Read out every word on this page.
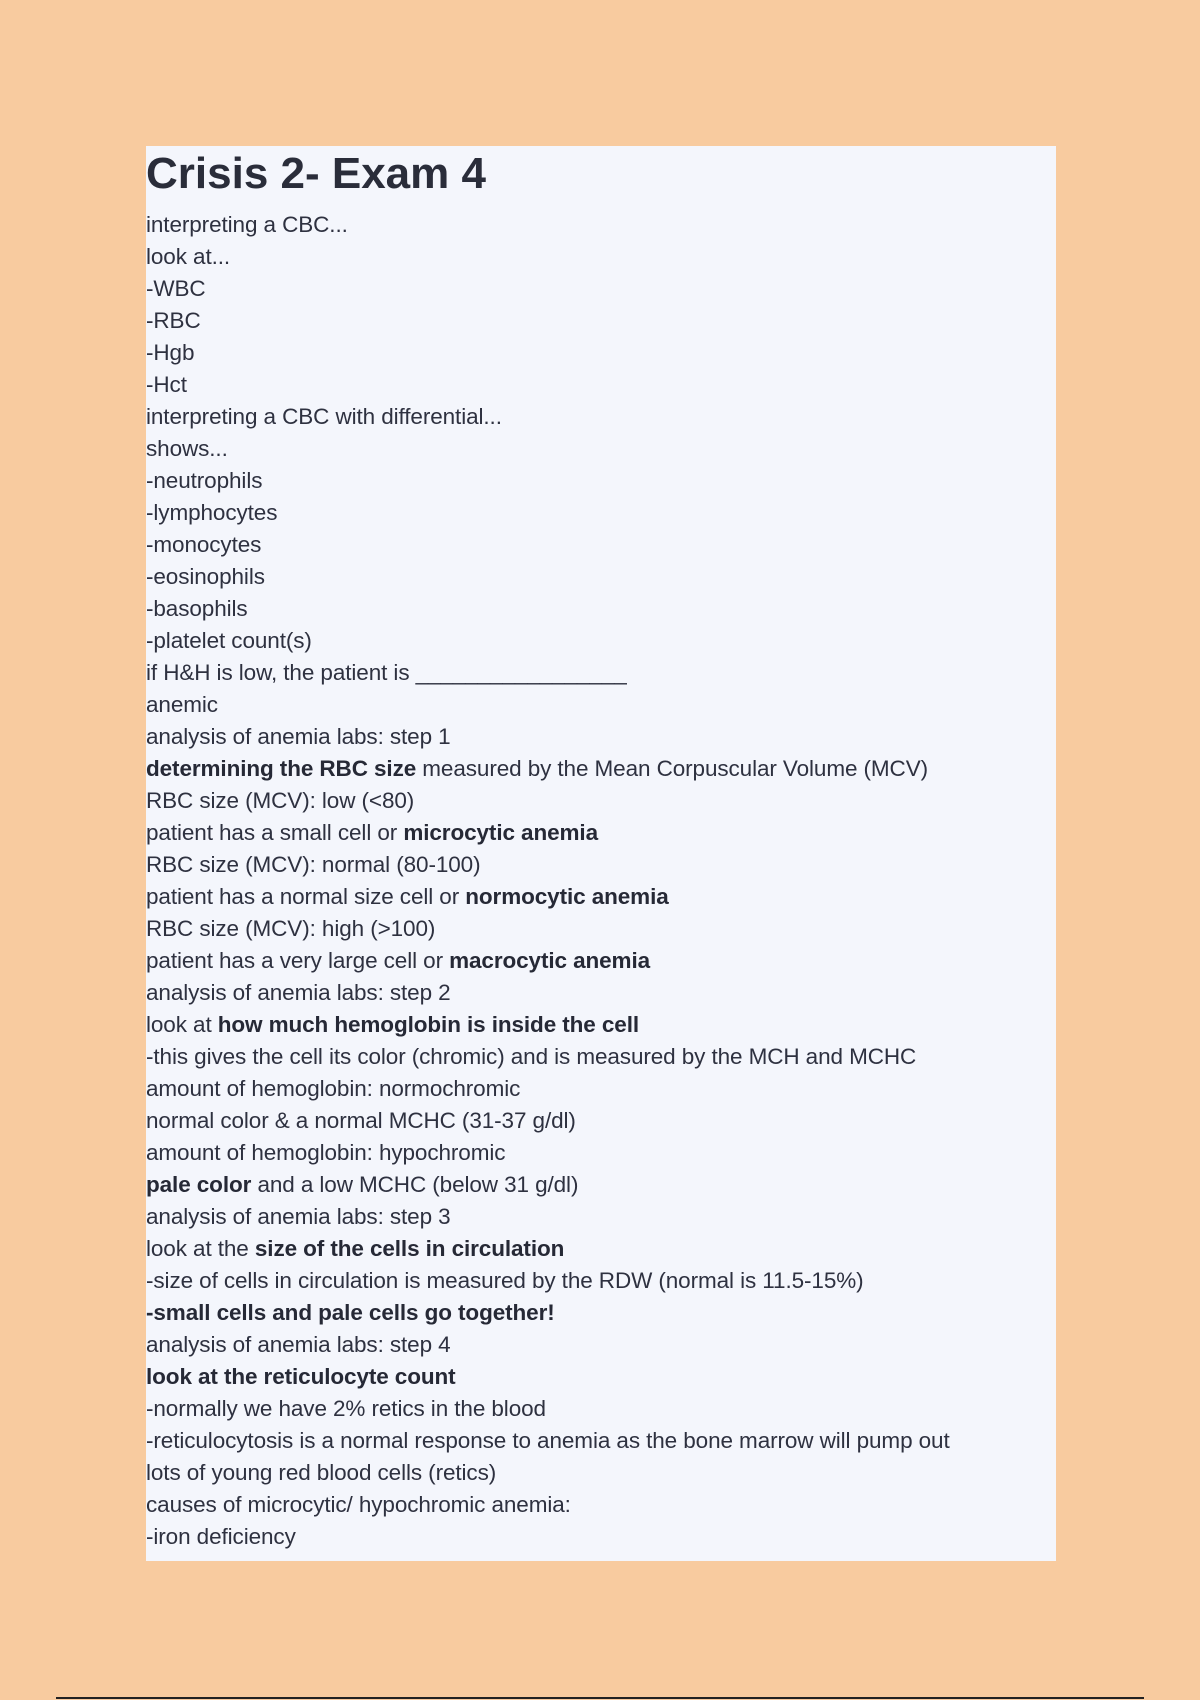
Crisis 2- Exam 4
interpreting a CBC...
look at...
-WBC
-RBC
-Hgb
-Hct
interpreting a CBC with differential...
shows...
-neutrophils
-lymphocytes
-monocytes
-eosinophils
-basophils
-platelet count(s)
if H&H is low, the patient is _________________
anemic
analysis of anemia labs: step 1
determining the RBC size measured by the Mean Corpuscular Volume (MCV)
RBC size (MCV): low (<80)
patient has a small cell or microcytic anemia
RBC size (MCV): normal (80-100)
patient has a normal size cell or normocytic anemia
RBC size (MCV): high (>100)
patient has a very large cell or macrocytic anemia
analysis of anemia labs: step 2
look at how much hemoglobin is inside the cell
-this gives the cell its color (chromic) and is measured by the MCH and MCHC
amount of hemoglobin: normochromic
normal color & a normal MCHC (31-37 g/dl)
amount of hemoglobin: hypochromic
pale color and a low MCHC (below 31 g/dl)
analysis of anemia labs: step 3
look at the size of the cells in circulation
-size of cells in circulation is measured by the RDW (normal is 11.5-15%)
-small cells and pale cells go together!
analysis of anemia labs: step 4
look at the reticulocyte count
-normally we have 2% retics in the blood
-reticulocytosis is a normal response to anemia as the bone marrow will pump out
lots of young red blood cells (retics)
causes of microcytic/ hypochromic anemia:
-iron deficiency
